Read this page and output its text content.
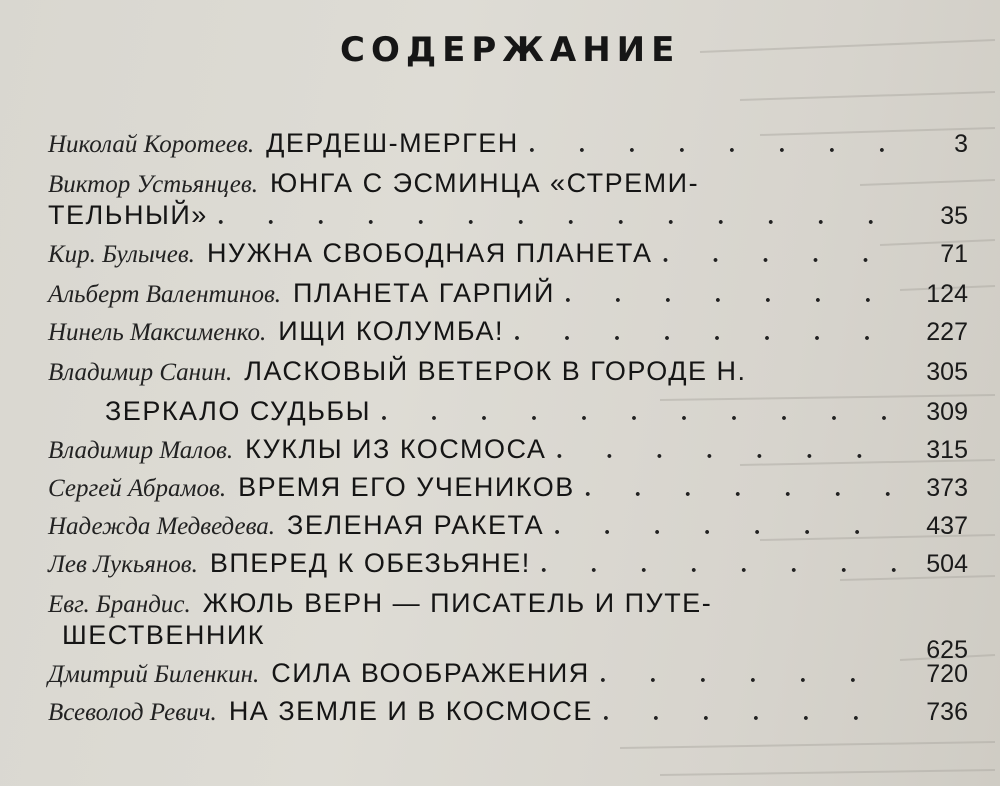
СОДЕРЖАНИЕ
Николай Коротеев. ДЕРДЕШ-МЕРГЕН . . .	3
Виктор Устьянцев. ЮНГА С ЭСМИНЦА «СТРЕМИ-
ТЕЛЬНЫЙ» . . .	35
Кир. Булычев. НУЖНА СВОБОДНАЯ ПЛАНЕТА . . .	71
Альберт Валентинов. ПЛАНЕТА ГАРПИЙ . . .	124
Нинель Максименко. ИЩИ КОЛУМБА! . . .	227
Владимир Санин. ЛАСКОВЫЙ ВЕТЕРОК В ГОРОДЕ Н.	305
ЗЕРКАЛО СУДЬБЫ . . .	309
Владимир Малов. КУКЛЫ ИЗ КОСМОСА . . .	315
Сергей Абрамов. ВРЕМЯ ЕГО УЧЕНИКОВ . . .	373
Надежда Медведева. ЗЕЛЕНАЯ РАКЕТА . . .	437
Лев Лукьянов. ВПЕРЕД К ОБЕЗЬЯНЕ! . . .	504
Евг. Брандис. ЖЮЛЬ ВЕРН — ПИСАТЕЛЬ И ПУТЕ-
ШЕСТВЕННИК	625
Дмитрий Биленкин. СИЛА ВООБРАЖЕНИЯ . . .	720
Всеволод Ревич. НА ЗЕМЛЕ И В КОСМОСЕ . . .	736
